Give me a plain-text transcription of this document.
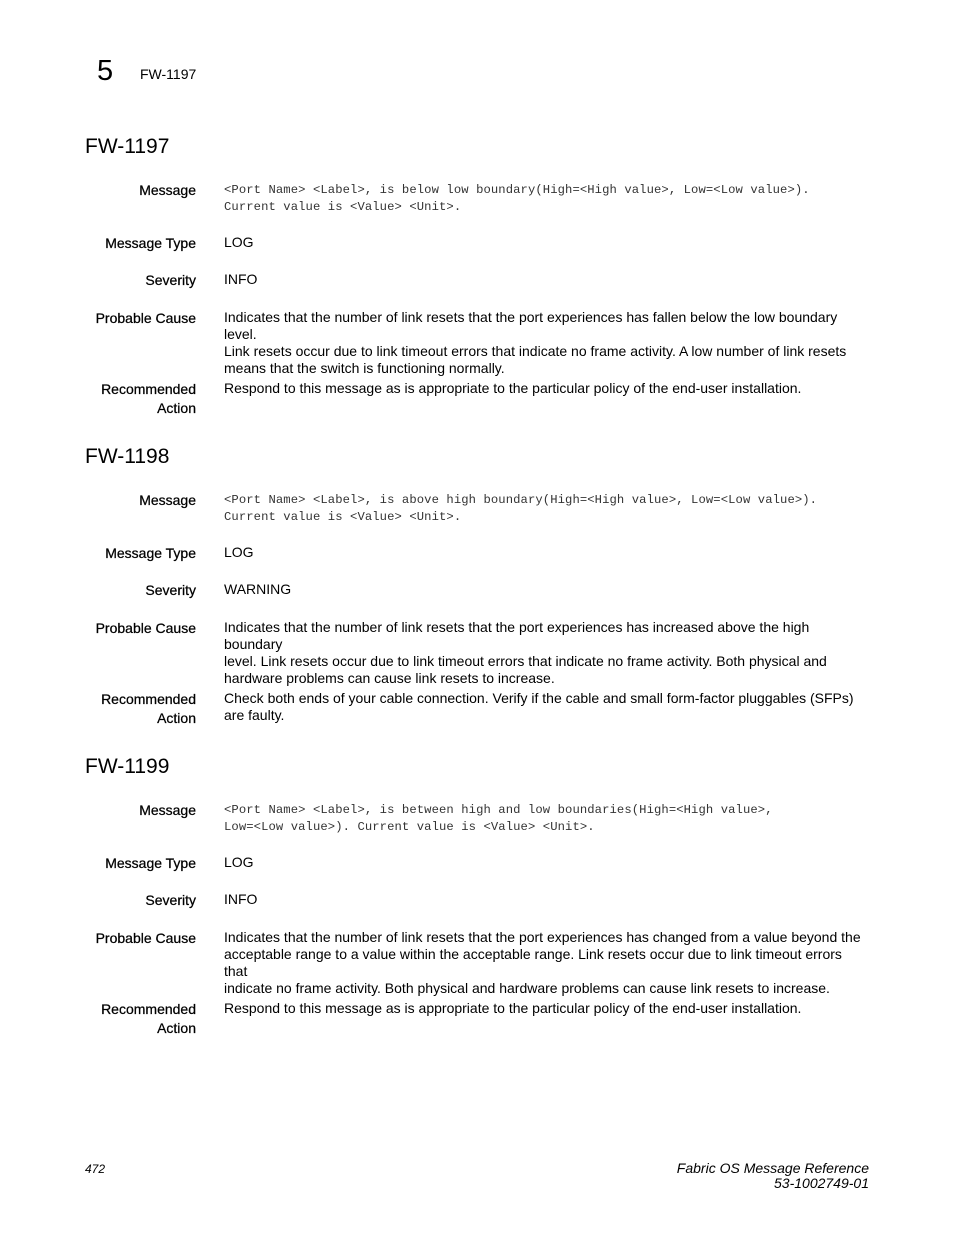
5 FW-1197
FW-1197
Message <Port Name> <Label>, is below low boundary(High=<High value>, Low=<Low value>).
Current value is <Value> <Unit>.
Message Type LOG
Severity INFO
Probable Cause Indicates that the number of link resets that the port experiences has fallen below the low boundary level.
Link resets occur due to link timeout errors that indicate no frame activity. A low number of link resets
means that the switch is functioning normally.
Recommended
Action
Respond to this message as is appropriate to the particular policy of the end-user installation.
FW-1198
Message <Port Name> <Label>, is above high boundary(High=<High value>, Low=<Low value>).
Current value is <Value> <Unit>.
Message Type LOG
Severity WARNING
Probable Cause Indicates that the number of link resets that the port experiences has increased above the high boundary
level. Link resets occur due to link timeout errors that indicate no frame activity. Both physical and
hardware problems can cause link resets to increase.
Recommended
Action
Check both ends of your cable connection. Verify if the cable and small form-factor pluggables (SFPs)
are faulty.
FW-1199
Message <Port Name> <Label>, is between high and low boundaries(High=<High value>,
Low=<Low value>). Current value is <Value> <Unit>.
Message Type LOG
Severity INFO
Probable Cause Indicates that the number of link resets that the port experiences has changed from a value beyond the
acceptable range to a value within the acceptable range. Link resets occur due to link timeout errors that
indicate no frame activity. Both physical and hardware problems can cause link resets to increase.
Recommended
Action
Respond to this message as is appropriate to the particular policy of the end-user installation.
472	Fabric OS Message Reference
53-1002749-01
